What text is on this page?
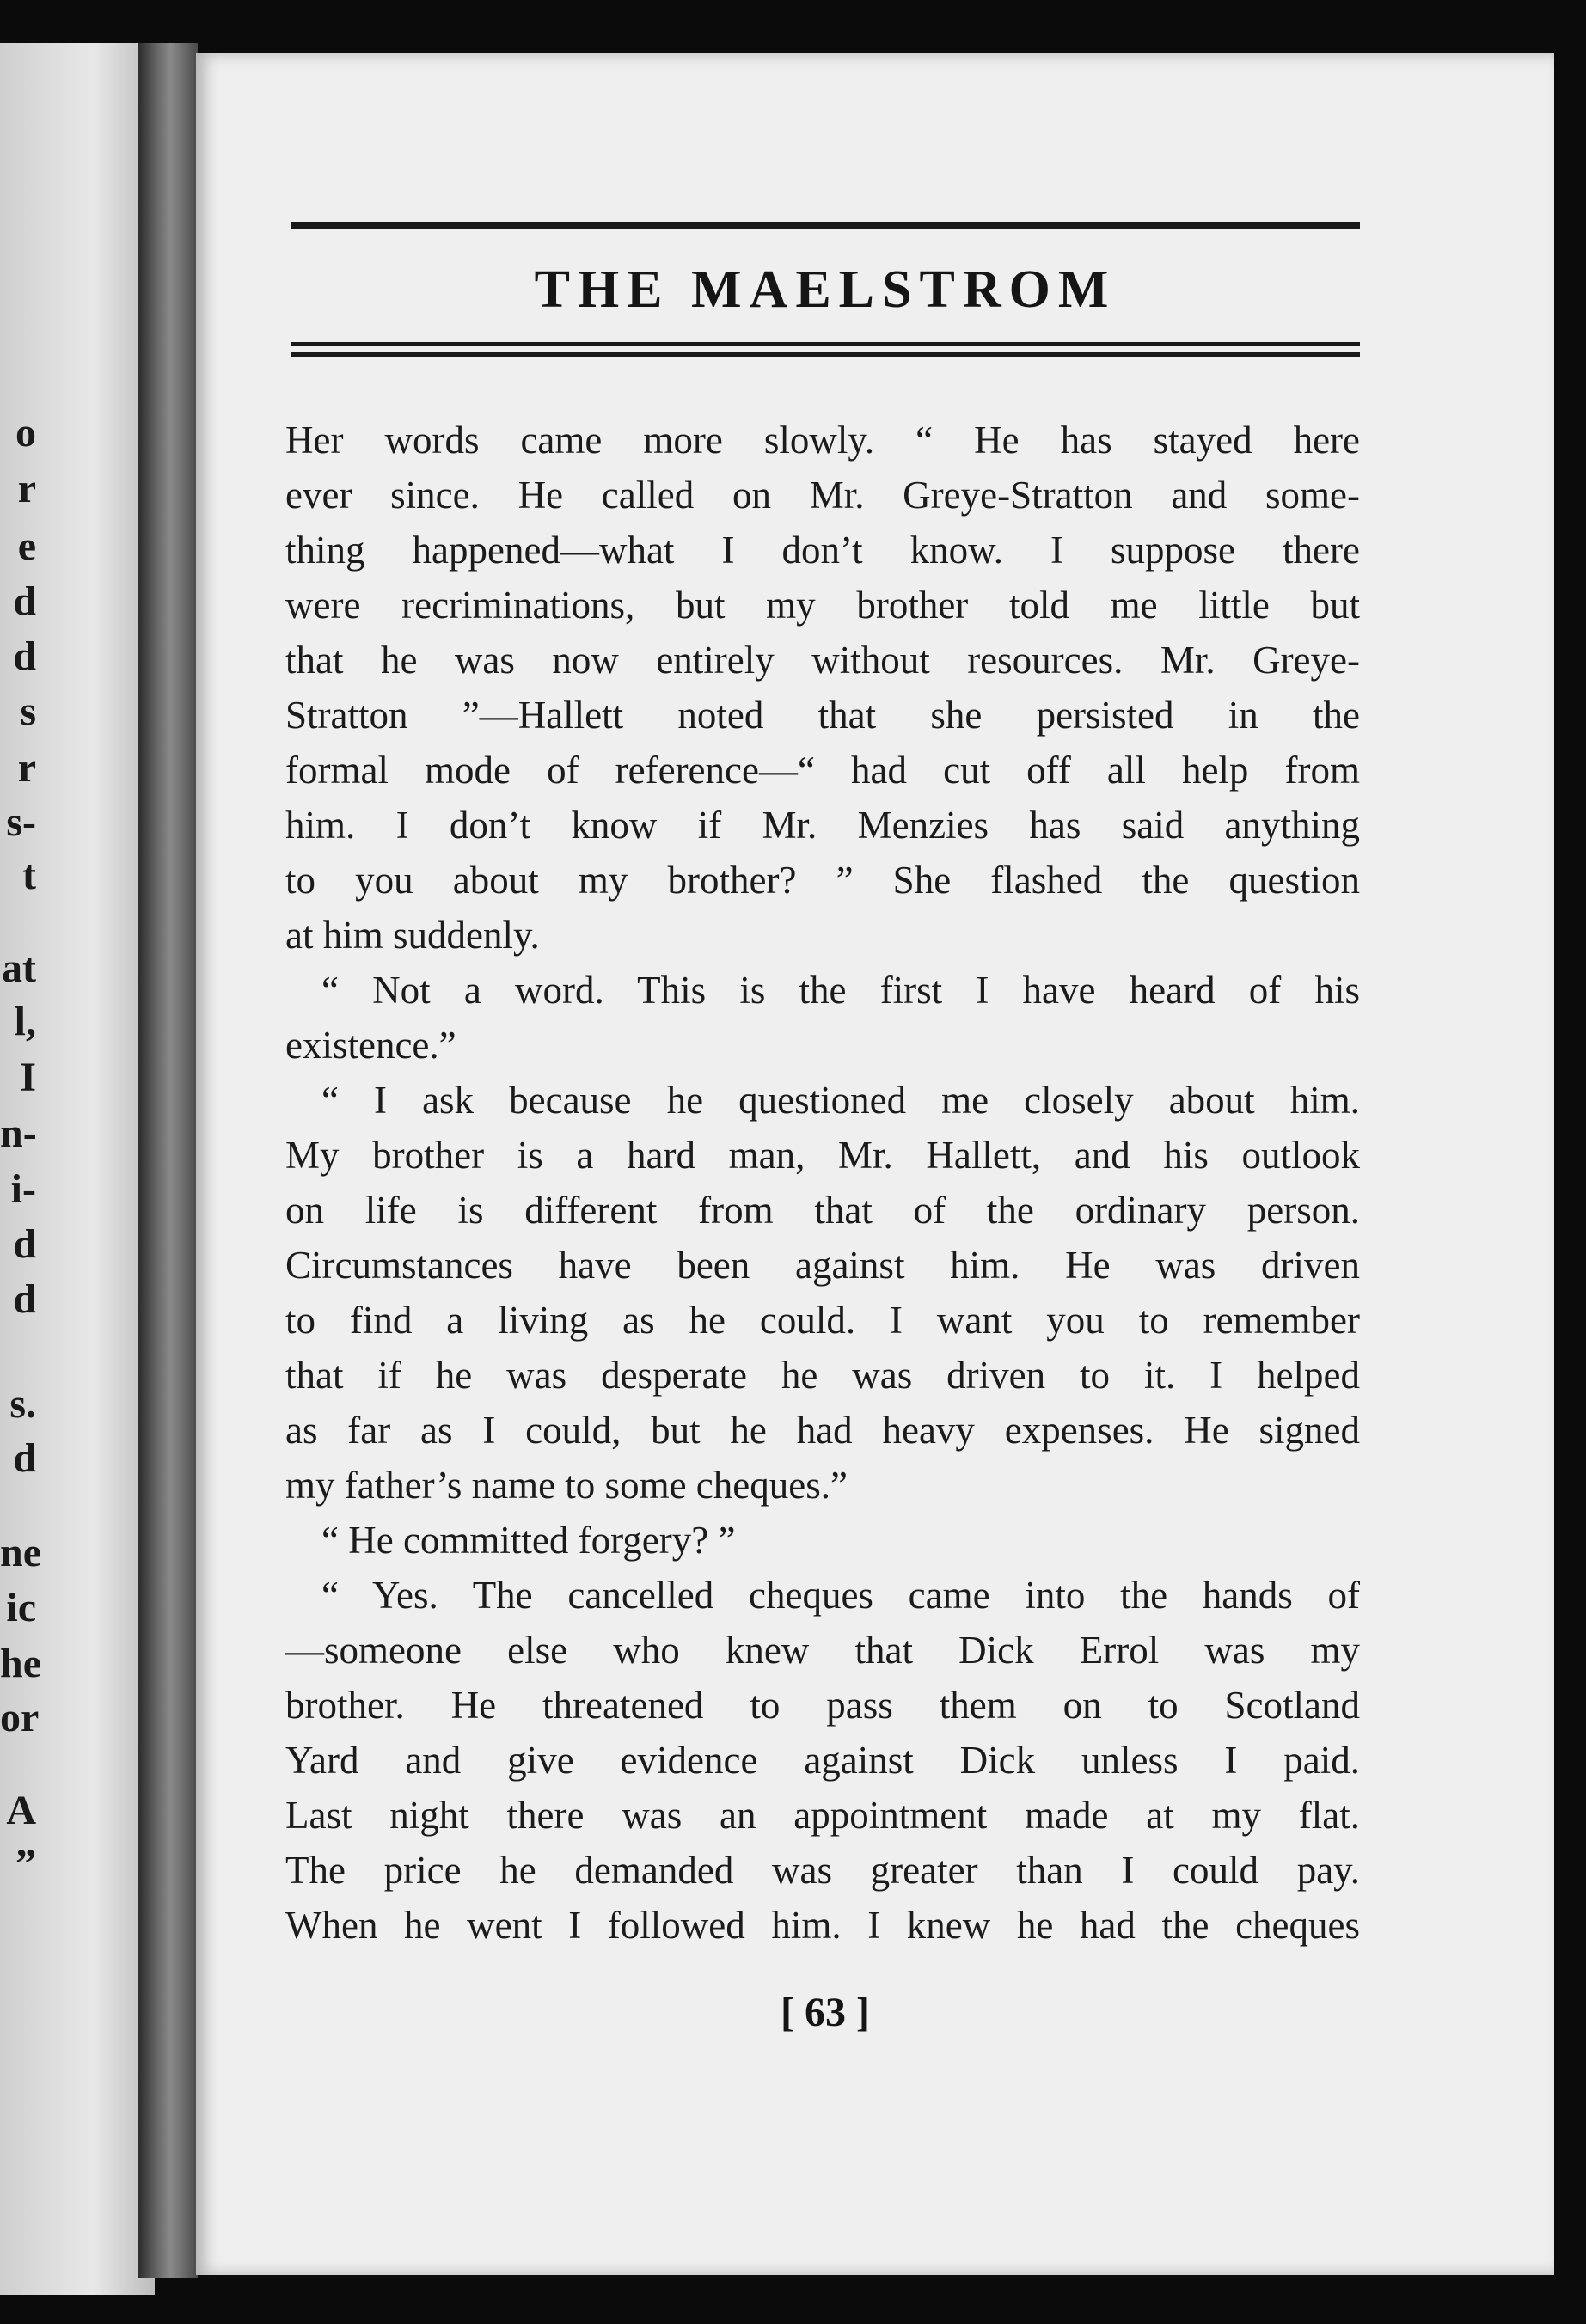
o
r
e
d
d
s
r
s-
t
at
l,
I
n-
i-
d
d
s.
d
ne
ic
he
or
A
”
THE MAELSTROM
Her words came more slowly. “ He has stayed here
ever since. He called on Mr. Greye-Stratton and some-
thing happened—what I don’t know. I suppose there
were recriminations, but my brother told me little but
that he was now entirely without resources. Mr. Greye-
Stratton ”—Hallett noted that she persisted in the
formal mode of reference—“ had cut off all help from
him. I don’t know if Mr. Menzies has said anything
to you about my brother? ” She flashed the question
at him suddenly.
“ Not a word. This is the first I have heard of his
existence.”
“ I ask because he questioned me closely about him.
My brother is a hard man, Mr. Hallett, and his outlook
on life is different from that of the ordinary person.
Circumstances have been against him. He was driven
to find a living as he could. I want you to remember
that if he was desperate he was driven to it. I helped
as far as I could, but he had heavy expenses. He signed
my father’s name to some cheques.”
“ He committed forgery? ”
“ Yes. The cancelled cheques came into the hands of
—someone else who knew that Dick Errol was my
brother. He threatened to pass them on to Scotland
Yard and give evidence against Dick unless I paid.
Last night there was an appointment made at my flat.
The price he demanded was greater than I could pay.
When he went I followed him. I knew he had the cheques
[ 63 ]
